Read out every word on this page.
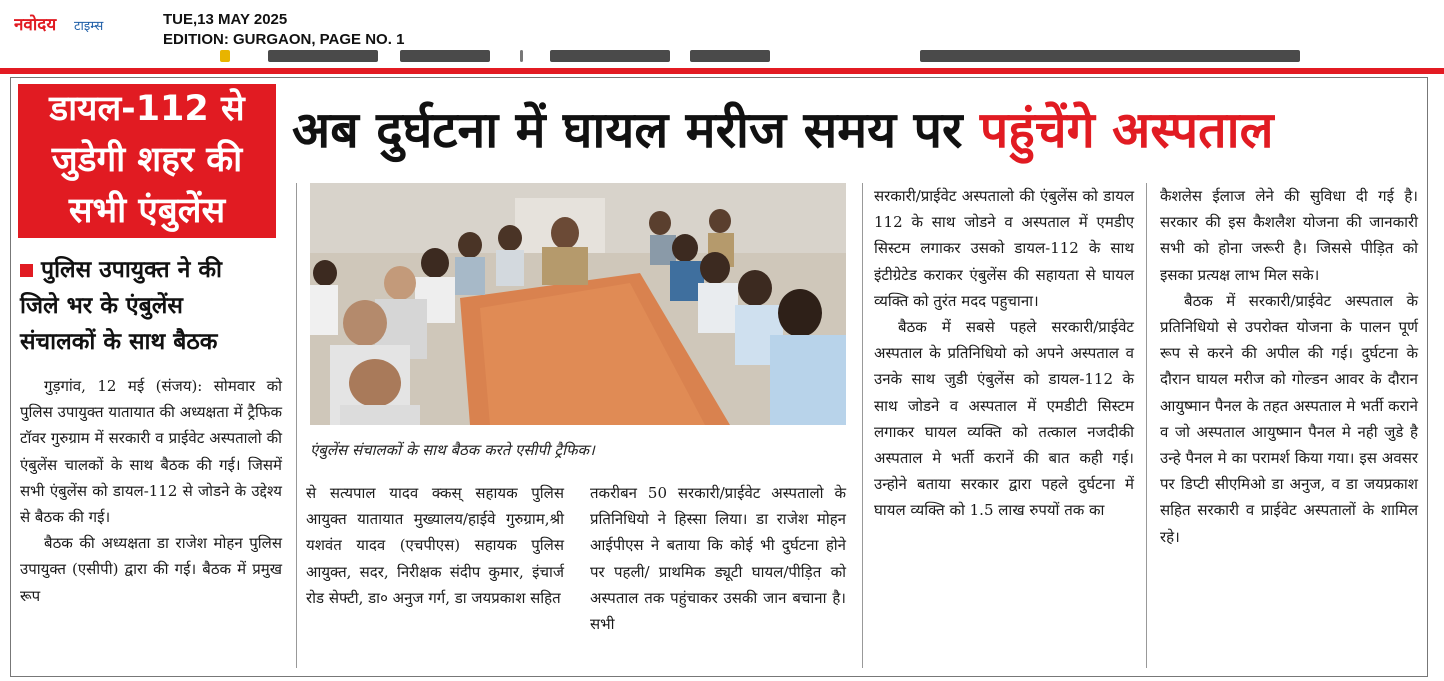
नवोदय टाइम्स	TUE,13 MAY 2025
EDITION: GURGAON, PAGE NO. 1
डायल-112 से
जुडेगी शहर की
सभी एंबुलेंस
पुलिस उपायुक्त ने की
जिले भर के एंबुलेंस
संचालकों के साथ बैठक
अब दुर्घटना में घायल मरीज समय पर पहुंचेंगे अस्पताल
एंबुलेंस संचालकों के साथ बैठक करते एसीपी ट्रैफिक।

गुड़गांव, 12 मई (संजय): सोमवार को पुलिस उपायुक्त यातायात की अध्यक्षता में ट्रैफिक टॉवर गुरुग्राम में सरकारी व प्राईवेट अस्पतालो की एंबुलेंस चालकों के साथ बैठक की गई। जिसमें सभी एंबुलेंस को डायल-112 से जोडने के उद्देश्य से बैठक की गई।

बैठक की अध्यक्षता डा राजेश मोहन पुलिस उपायुक्त (एसीपी) द्वारा की गई। बैठक में प्रमुख रूप

से सत्यपाल यादव क्कस् सहायक पुलिस आयुक्त यातायात मुख्यालय/हाईवे गुरुग्राम,श्री यशवंत यादव (एचपीएस) सहायक पुलिस आयुक्त, सदर, निरीक्षक संदीप कुमार, इंचार्ज रोड सेफ्टी, डा० अनुज गर्ग, डा जयप्रकाश सहित

तकरीबन 50 सरकारी/प्राईवेट अस्पतालो के प्रतिनिधियो ने हिस्सा लिया। डा राजेश मोहन आईपीएस ने बताया कि कोई भी दुर्घटना होने पर पहली/ प्राथमिक ड्यूटी घायल/पीड़ित को अस्पताल तक पहुंचाकर उसकी जान बचाना है। सभी

सरकारी/प्राईवेट अस्पतालो की एंबुलेंस को डायल 112 के साथ जोडने व अस्पताल में एमडीए सिस्टम लगाकर उसको डायल-112 के साथ इंटीग्रेटेड कराकर एंबुलेंस की सहायता से घायल व्यक्ति को तुरंत मदद पहुचाना।

बैठक में सबसे पहले सरकारी/प्राईवेट अस्पताल के प्रतिनिधियो को अपने अस्पताल व उनके साथ जुडी एंबुलेंस को डायल-112 के साथ जोडने व अस्पताल में एमडीटी सिस्टम लगाकर घायल व्यक्ति को तत्काल नजदीकी अस्पताल मे भर्ती करानें की बात कही गई। उन्होने बताया सरकार द्वारा पहले दुर्घटना में घायल व्यक्ति को 1.5 लाख रुपयों तक का

कैशलेस ईलाज लेने की सुविधा दी गई है। सरकार की इस कैशलैश योजना की जानकारी सभी को होना जरूरी है। जिससे पीड़ित को इसका प्रत्यक्ष लाभ मिल सके।

बैठक में सरकारी/प्राईवेट अस्पताल के प्रतिनिधियो से उपरोक्त योजना के पालन पूर्ण रूप से करने की अपील की गई। दुर्घटना के दौरान घायल मरीज को गोल्डन आवर के दौरान आयुष्मान पैनल के तहत अस्पताल मे भर्ती कराने व जो अस्पताल आयुष्मान पैनल मे नही जुडे है उन्हे पैनल मे का परामर्श किया गया। इस अवसर पर डिप्टी सीएमिओ डा अनुज, व डा जयप्रकाश सहित सरकारी व प्राईवेट अस्पतालों के शामिल रहे।
